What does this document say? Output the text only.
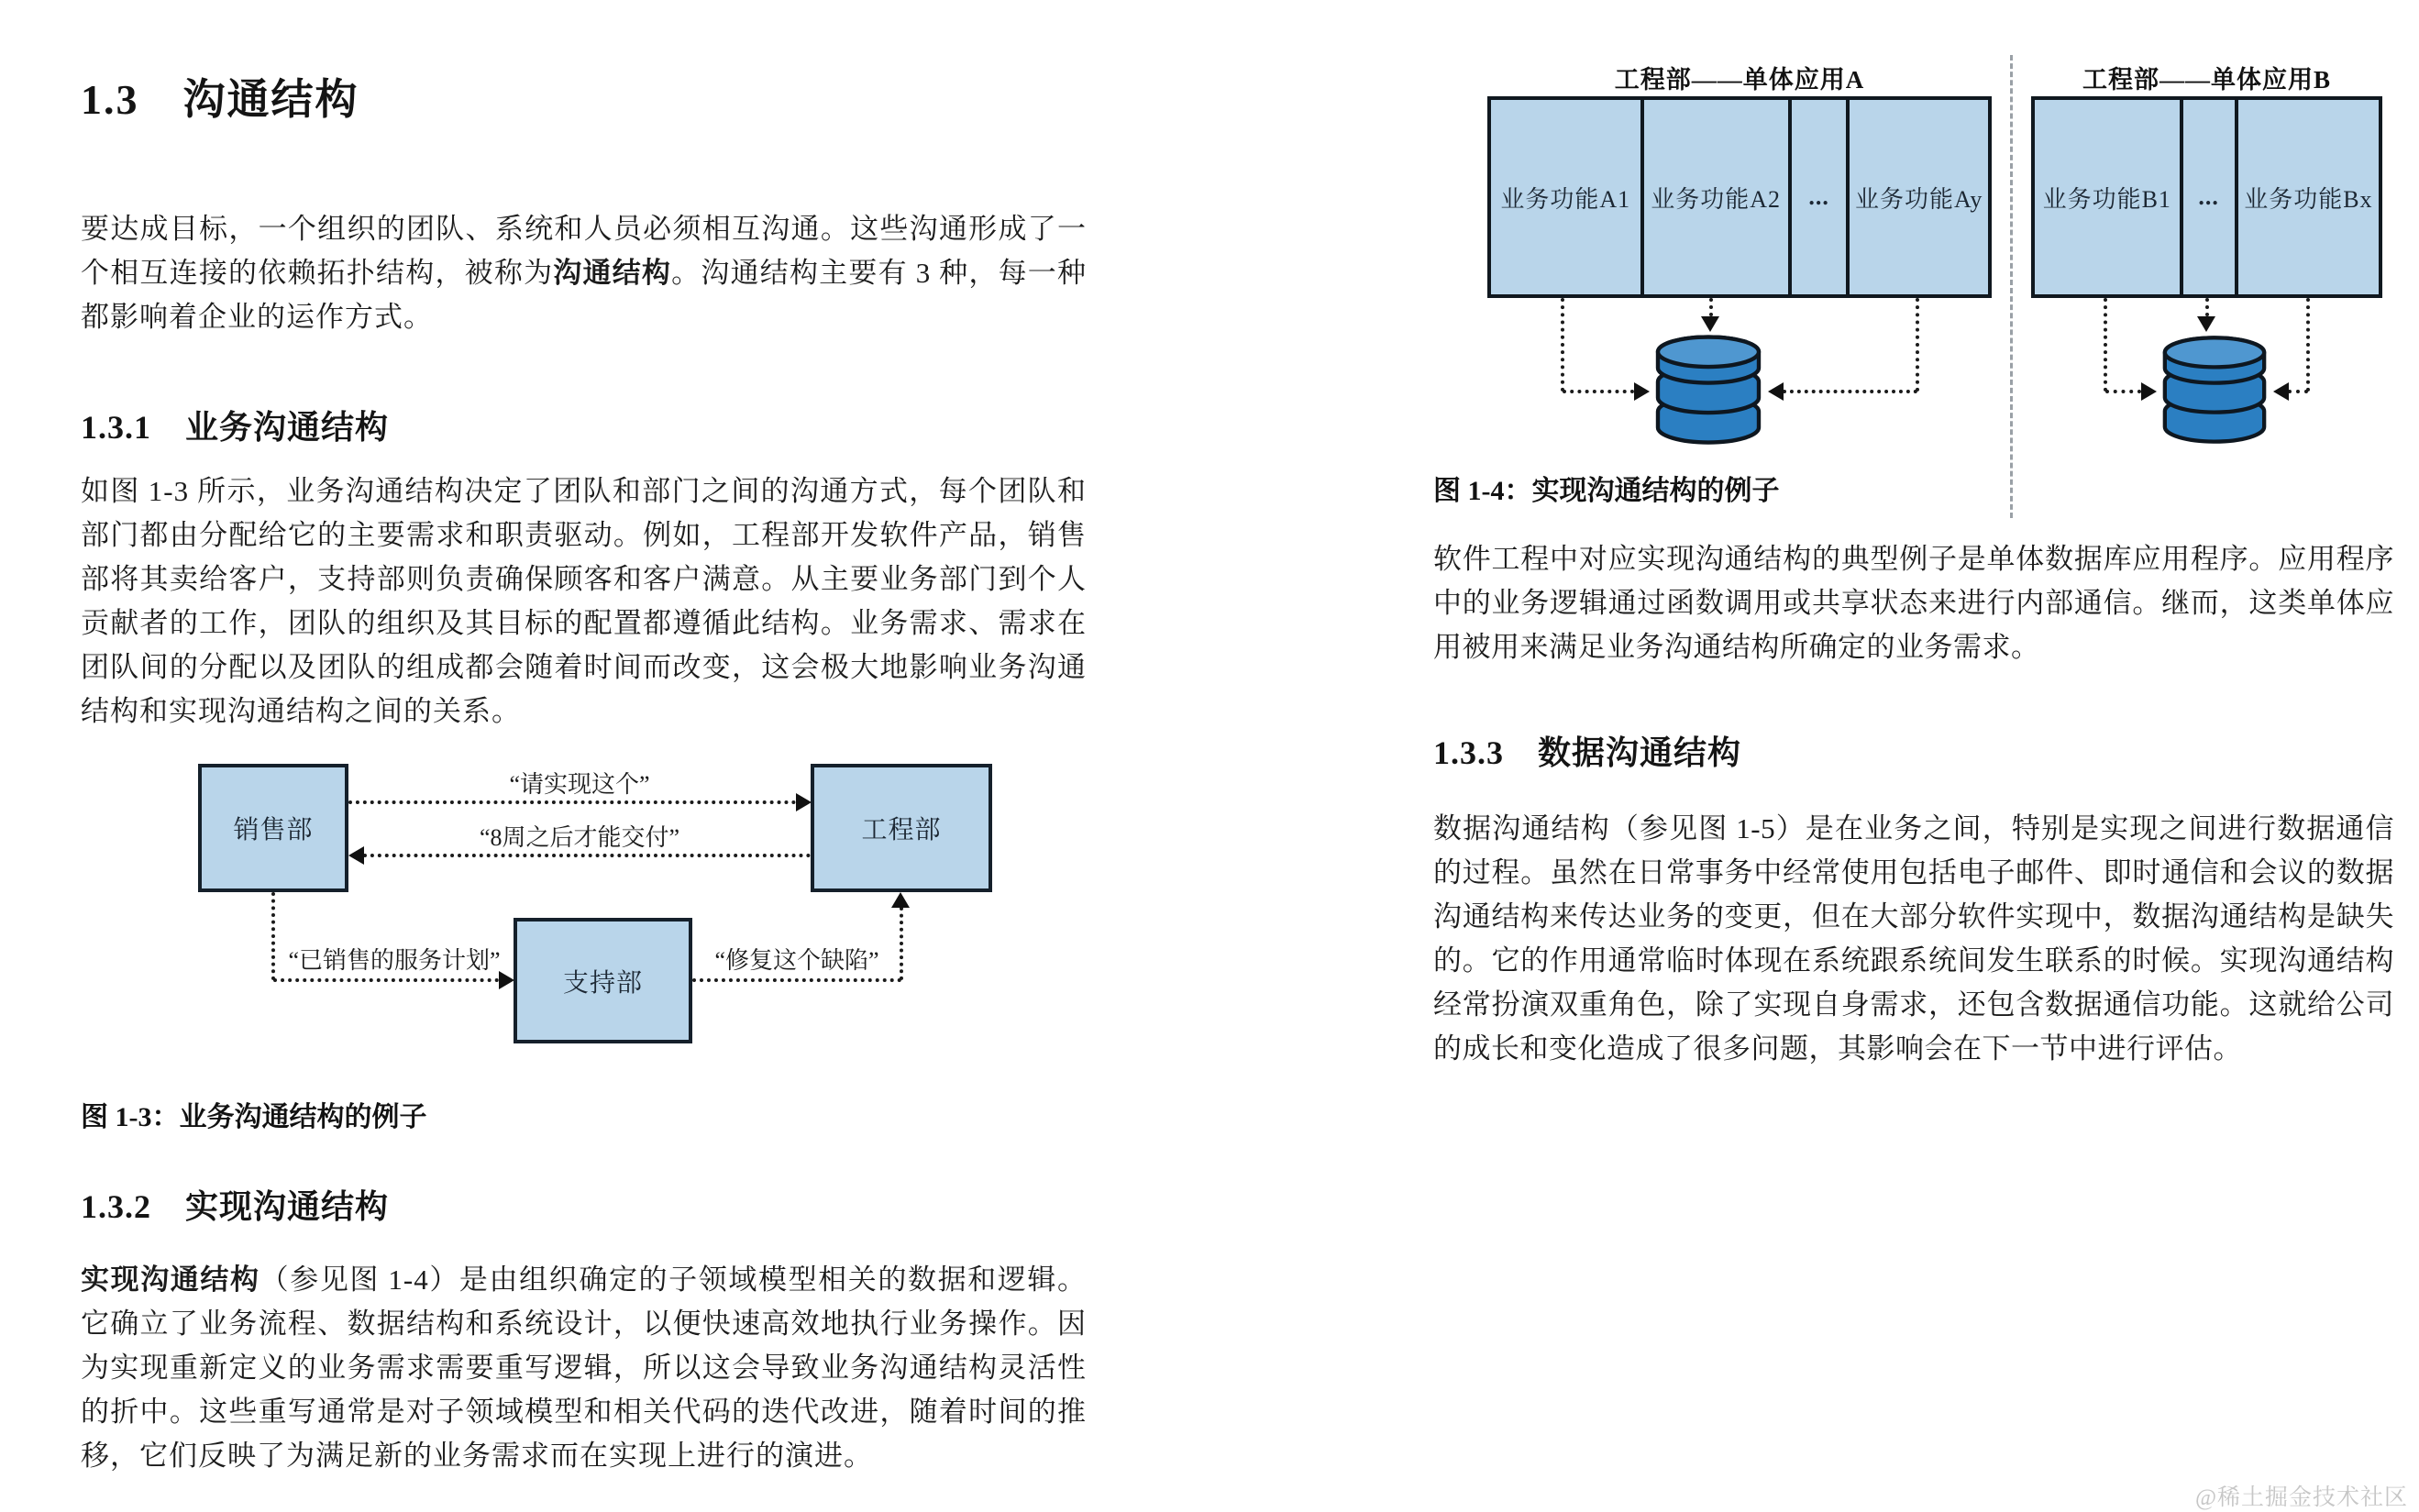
1.3　沟通结构

要达成目标，一个组织的团队、系统和人员必须相互沟通。这些沟通形成了一个相互连接的依赖拓扑结构，被称为沟通结构。沟通结构主要有 3 种，每一种都影响着企业的运作方式。

1.3.1　业务沟通结构

如图 1-3 所示，业务沟通结构决定了团队和部门之间的沟通方式，每个团队和部门都由分配给它的主要需求和职责驱动。例如，工程部开发软件产品，销售部将其卖给客户，支持部则负责确保顾客和客户满意。从主要业务部门到个人贡献者的工作，团队的组织及其目标的配置都遵循此结构。业务需求、需求在团队间的分配以及团队的组成都会随着时间而改变，这会极大地影响业务沟通结构和实现沟通结构之间的关系。

销售部	工程部
支持部
“请实现这个”
“8周之后才能交付”
“已销售的服务计划”	“修复这个缺陷”

图 1-3：业务沟通结构的例子

1.3.2　实现沟通结构

实现沟通结构（参见图 1-4）是由组织确定的子领域模型相关的数据和逻辑。它确立了业务流程、数据结构和系统设计，以便快速高效地执行业务操作。因为实现重新定义的业务需求需要重写逻辑，所以这会导致业务沟通结构灵活性的折中。这些重写通常是对子领域模型和相关代码的迭代改进，随着时间的推移，它们反映了为满足新的业务需求而在实现上进行的演进。

工程部——单体应用A
业务功能A1 业务功能A2	...	业务功能Ay
工程部——单体应用B
业务功能B1	...	业务功能Bx

图 1-4：实现沟通结构的例子

软件工程中对应实现沟通结构的典型例子是单体数据库应用程序。应用程序中的业务逻辑通过函数调用或共享状态来进行内部通信。继而，这类单体应用被用来满足业务沟通结构所确定的业务需求。

1.3.3　数据沟通结构

数据沟通结构（参见图 1-5）是在业务之间，特别是实现之间进行数据通信的过程。虽然在日常事务中经常使用包括电子邮件、即时通信和会议的数据沟通结构来传达业务的变更，但在大部分软件实现中，数据沟通结构是缺失的。它的作用通常临时体现在系统跟系统间发生联系的时候。实现沟通结构经常扮演双重角色，除了实现自身需求，还包含数据通信功能。这就给公司的成长和变化造成了很多问题，其影响会在下一节中进行评估。

@稀土掘金技术社区
